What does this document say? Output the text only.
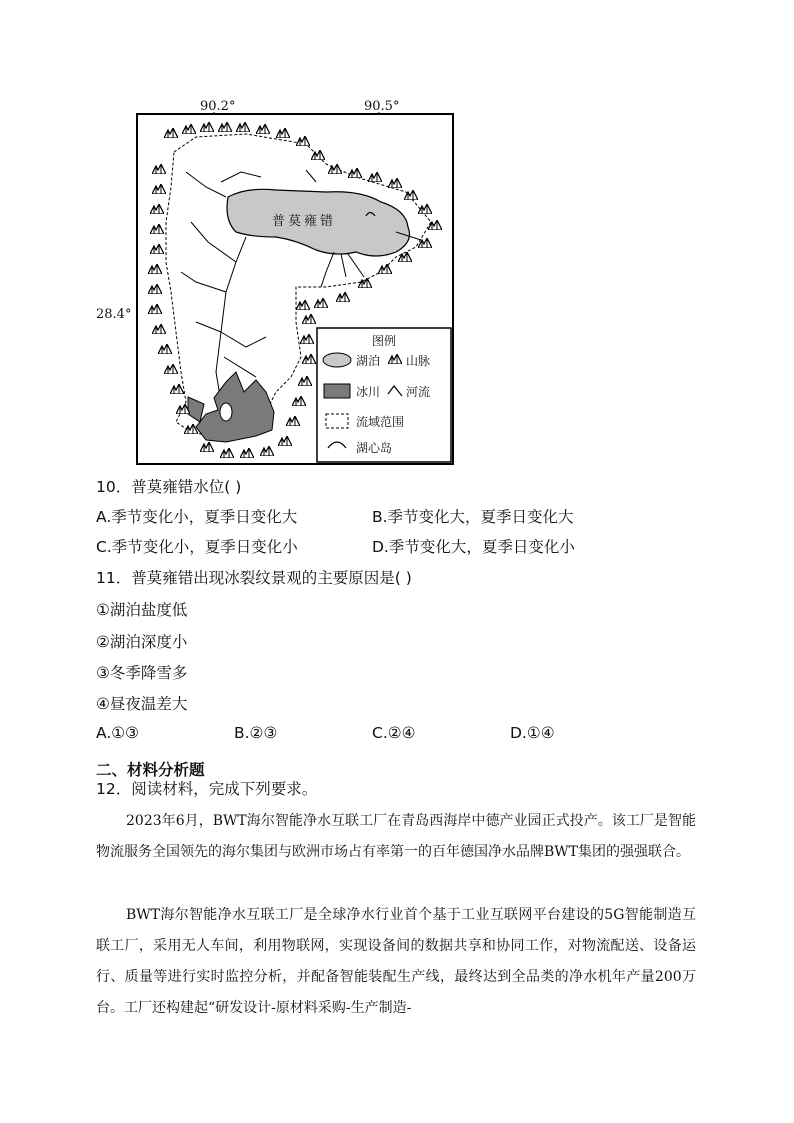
90.2°	90.5°
28.4°
普莫雍错
图例
湖泊 山脉
冰川 河流
流域范围
湖心岛
10．普莫雍错水位( )
A.季节变化小，夏季日变化大	B.季节变化大，夏季日变化大
C.季节变化小，夏季日变化小	D.季节变化大，夏季日变化小
11．普莫雍错出现冰裂纹景观的主要原因是( )
①湖泊盐度低
②湖泊深度小
③冬季降雪多
④昼夜温差大
A.①③	B.②③	C.②④	D.①④
二、材料分析题
12．阅读材料，完成下列要求。
2023年6月，BWT海尔智能净水互联工厂在青岛西海岸中德产业园正式投产。该工厂是智能物流服务全国领先的海尔集团与欧洲市场占有率第一的百年德国净水品牌BWT集团的强强联合。
BWT海尔智能净水互联工厂是全球净水行业首个基于工业互联网平台建设的5G智能制造互联工厂，采用无人车间，利用物联网，实现设备间的数据共享和协同工作，对物流配送、设备运行、质量等进行实时监控分析，并配备智能装配生产线，最终达到全品类的净水机年产量200万台。工厂还构建起“研发设计-原材料采购-生产制造-
